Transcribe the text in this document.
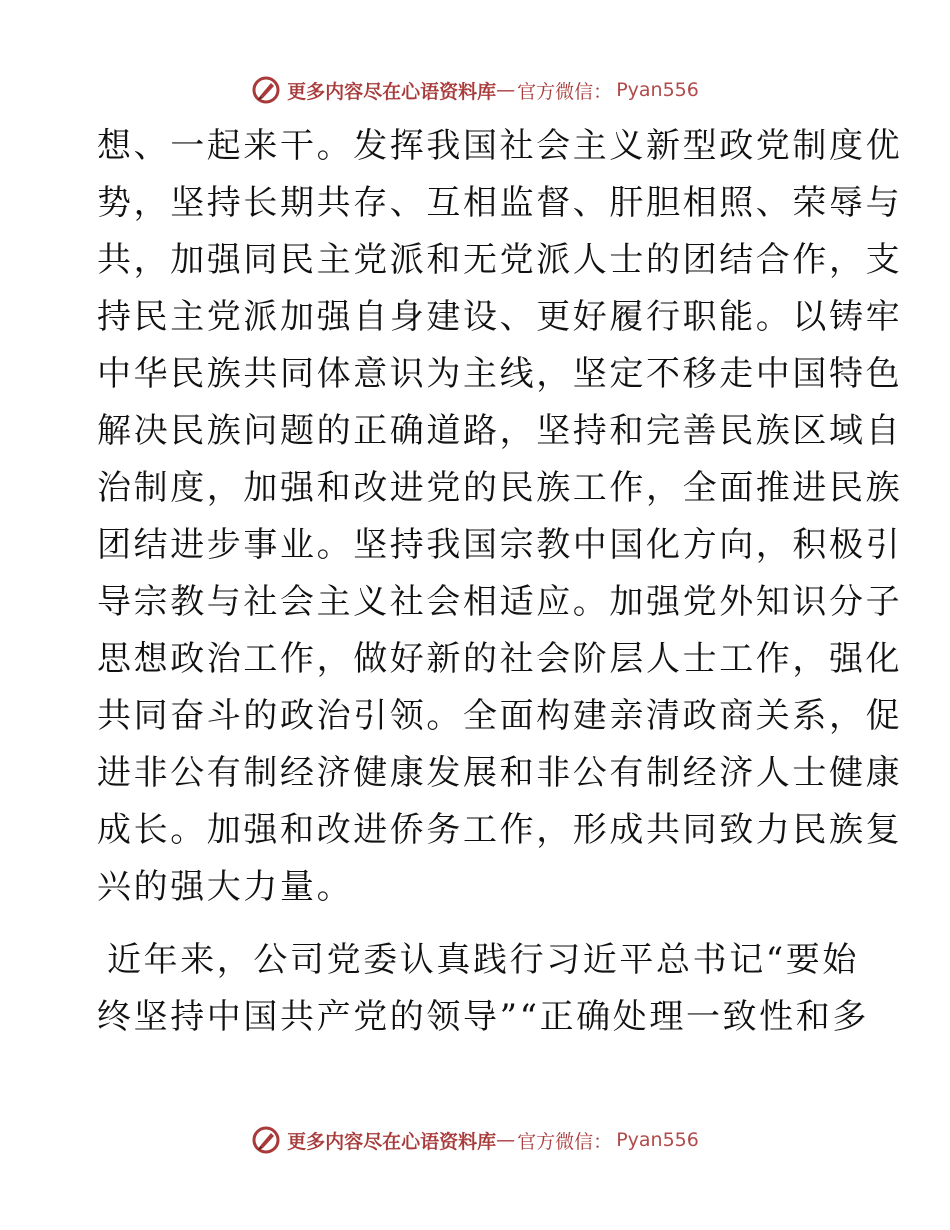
更多内容尽在心语资料库 — 官方微信： Pyan556
想、一起来干。发挥我国社会主义新型政党制度优
势，坚持长期共存、互相监督、肝胆相照、荣辱与
共，加强同民主党派和无党派人士的团结合作，支
持民主党派加强自身建设、更好履行职能。以铸牢
中华民族共同体意识为主线，坚定不移走中国特色
解决民族问题的正确道路，坚持和完善民族区域自
治制度，加强和改进党的民族工作，全面推进民族
团结进步事业。坚持我国宗教中国化方向，积极引
导宗教与社会主义社会相适应。加强党外知识分子
思想政治工作，做好新的社会阶层人士工作，强化
共同奋斗的政治引领。全面构建亲清政商关系，促
进非公有制经济健康发展和非公有制经济人士健康
成长。加强和改进侨务工作，形成共同致力民族复
兴的强大力量。
近年来，公司党委认真践行习近平总书记“要始
终坚持中国共产党的领导”“正确处理一致性和多
更多内容尽在心语资料库 — 官方微信： Pyan556
